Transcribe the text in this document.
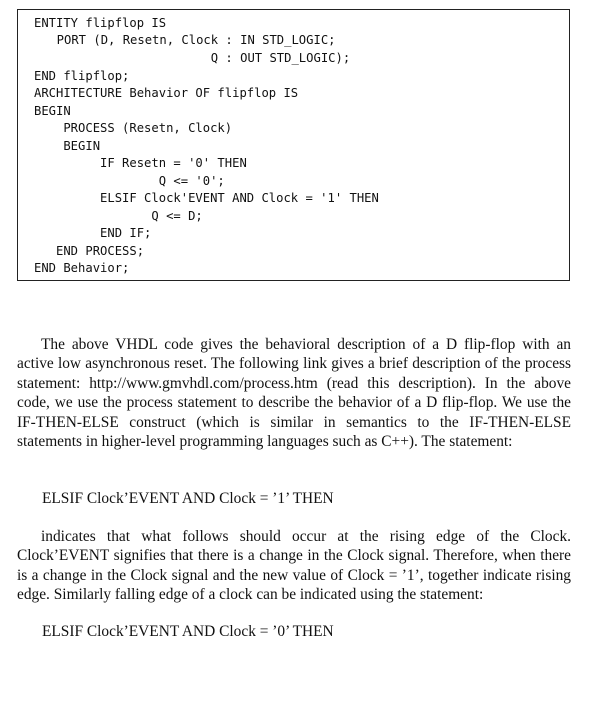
ENTITY flipflop IS
PORT (D, Resetn, Clock : IN STD_LOGIC;
Q : OUT STD_LOGIC);
END flipflop;
ARCHITECTURE Behavior OF flipflop IS
BEGIN
PROCESS (Resetn, Clock)
BEGIN
IF Resetn = '0' THEN
Q <= '0';
ELSIF Clock'EVENT AND Clock = '1' THEN
Q <= D;
END IF;
END PROCESS;
END Behavior;

The above VHDL code gives the behavioral description of a D flip-flop with an active low asynchronous reset. The following link gives a brief description of the process statement: http://www.gmvhdl.com/process.htm (read this description). In the above code, we use the process statement to describe the behavior of a D flip-flop. We use the IF-THEN-ELSE construct (which is similar in semantics to the IF-THEN-ELSE statements in higher-level programming languages such as C++). The statement:

ELSIF Clock’EVENT AND Clock = ’1’ THEN

indicates that what follows should occur at the rising edge of the Clock. Clock’EVENT signifies that there is a change in the Clock signal. Therefore, when there is a change in the Clock signal and the new value of Clock = ’1’, together indicate rising edge. Similarly falling edge of a clock can be indicated using the statement:

ELSIF Clock’EVENT AND Clock = ’0’ THEN
